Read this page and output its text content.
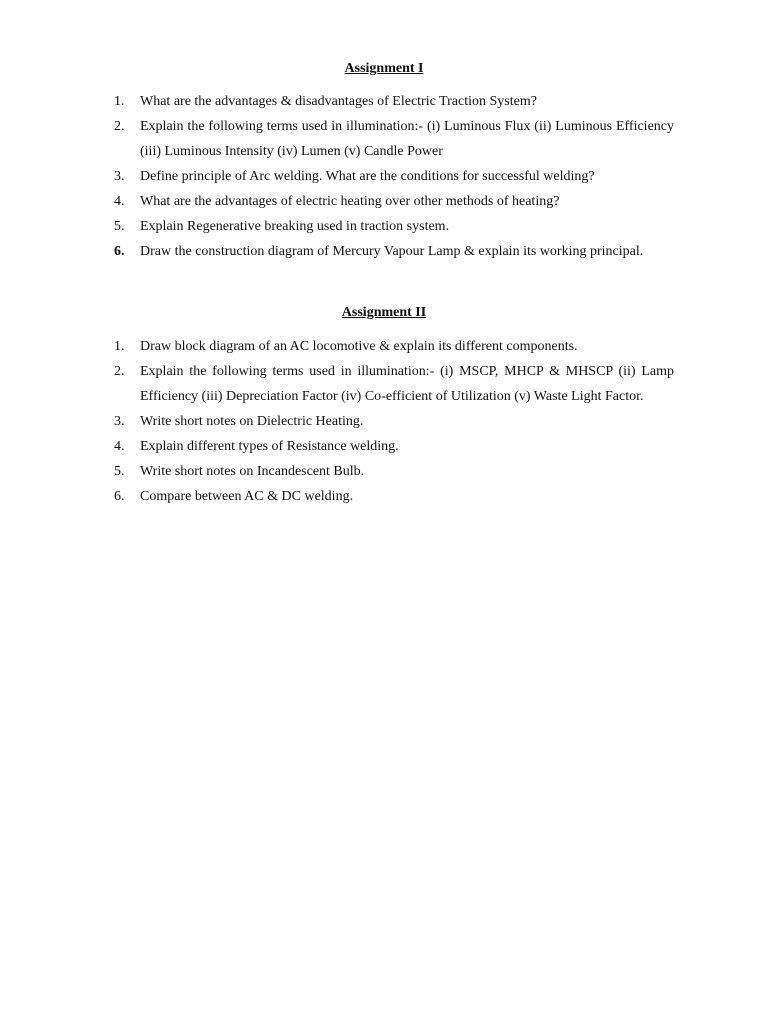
Assignment I
1. What are the advantages & disadvantages of Electric Traction System?
2. Explain the following terms used in illumination:- (i) Luminous Flux (ii) Luminous Efficiency (iii) Luminous Intensity (iv) Lumen (v) Candle Power
3. Define principle of Arc welding. What are the conditions for successful welding?
4. What are the advantages of electric heating over other methods of heating?
5. Explain Regenerative breaking used in traction system.
6. Draw the construction diagram of Mercury Vapour Lamp & explain its working principal.
Assignment II
1. Draw block diagram of an AC locomotive & explain its different components.
2. Explain the following terms used in illumination:- (i) MSCP, MHCP & MHSCP (ii) Lamp Efficiency (iii) Depreciation Factor (iv) Co-efficient of Utilization (v) Waste Light Factor.
3. Write short notes on Dielectric Heating.
4. Explain different types of Resistance welding.
5. Write short notes on Incandescent Bulb.
6. Compare between AC & DC welding.
